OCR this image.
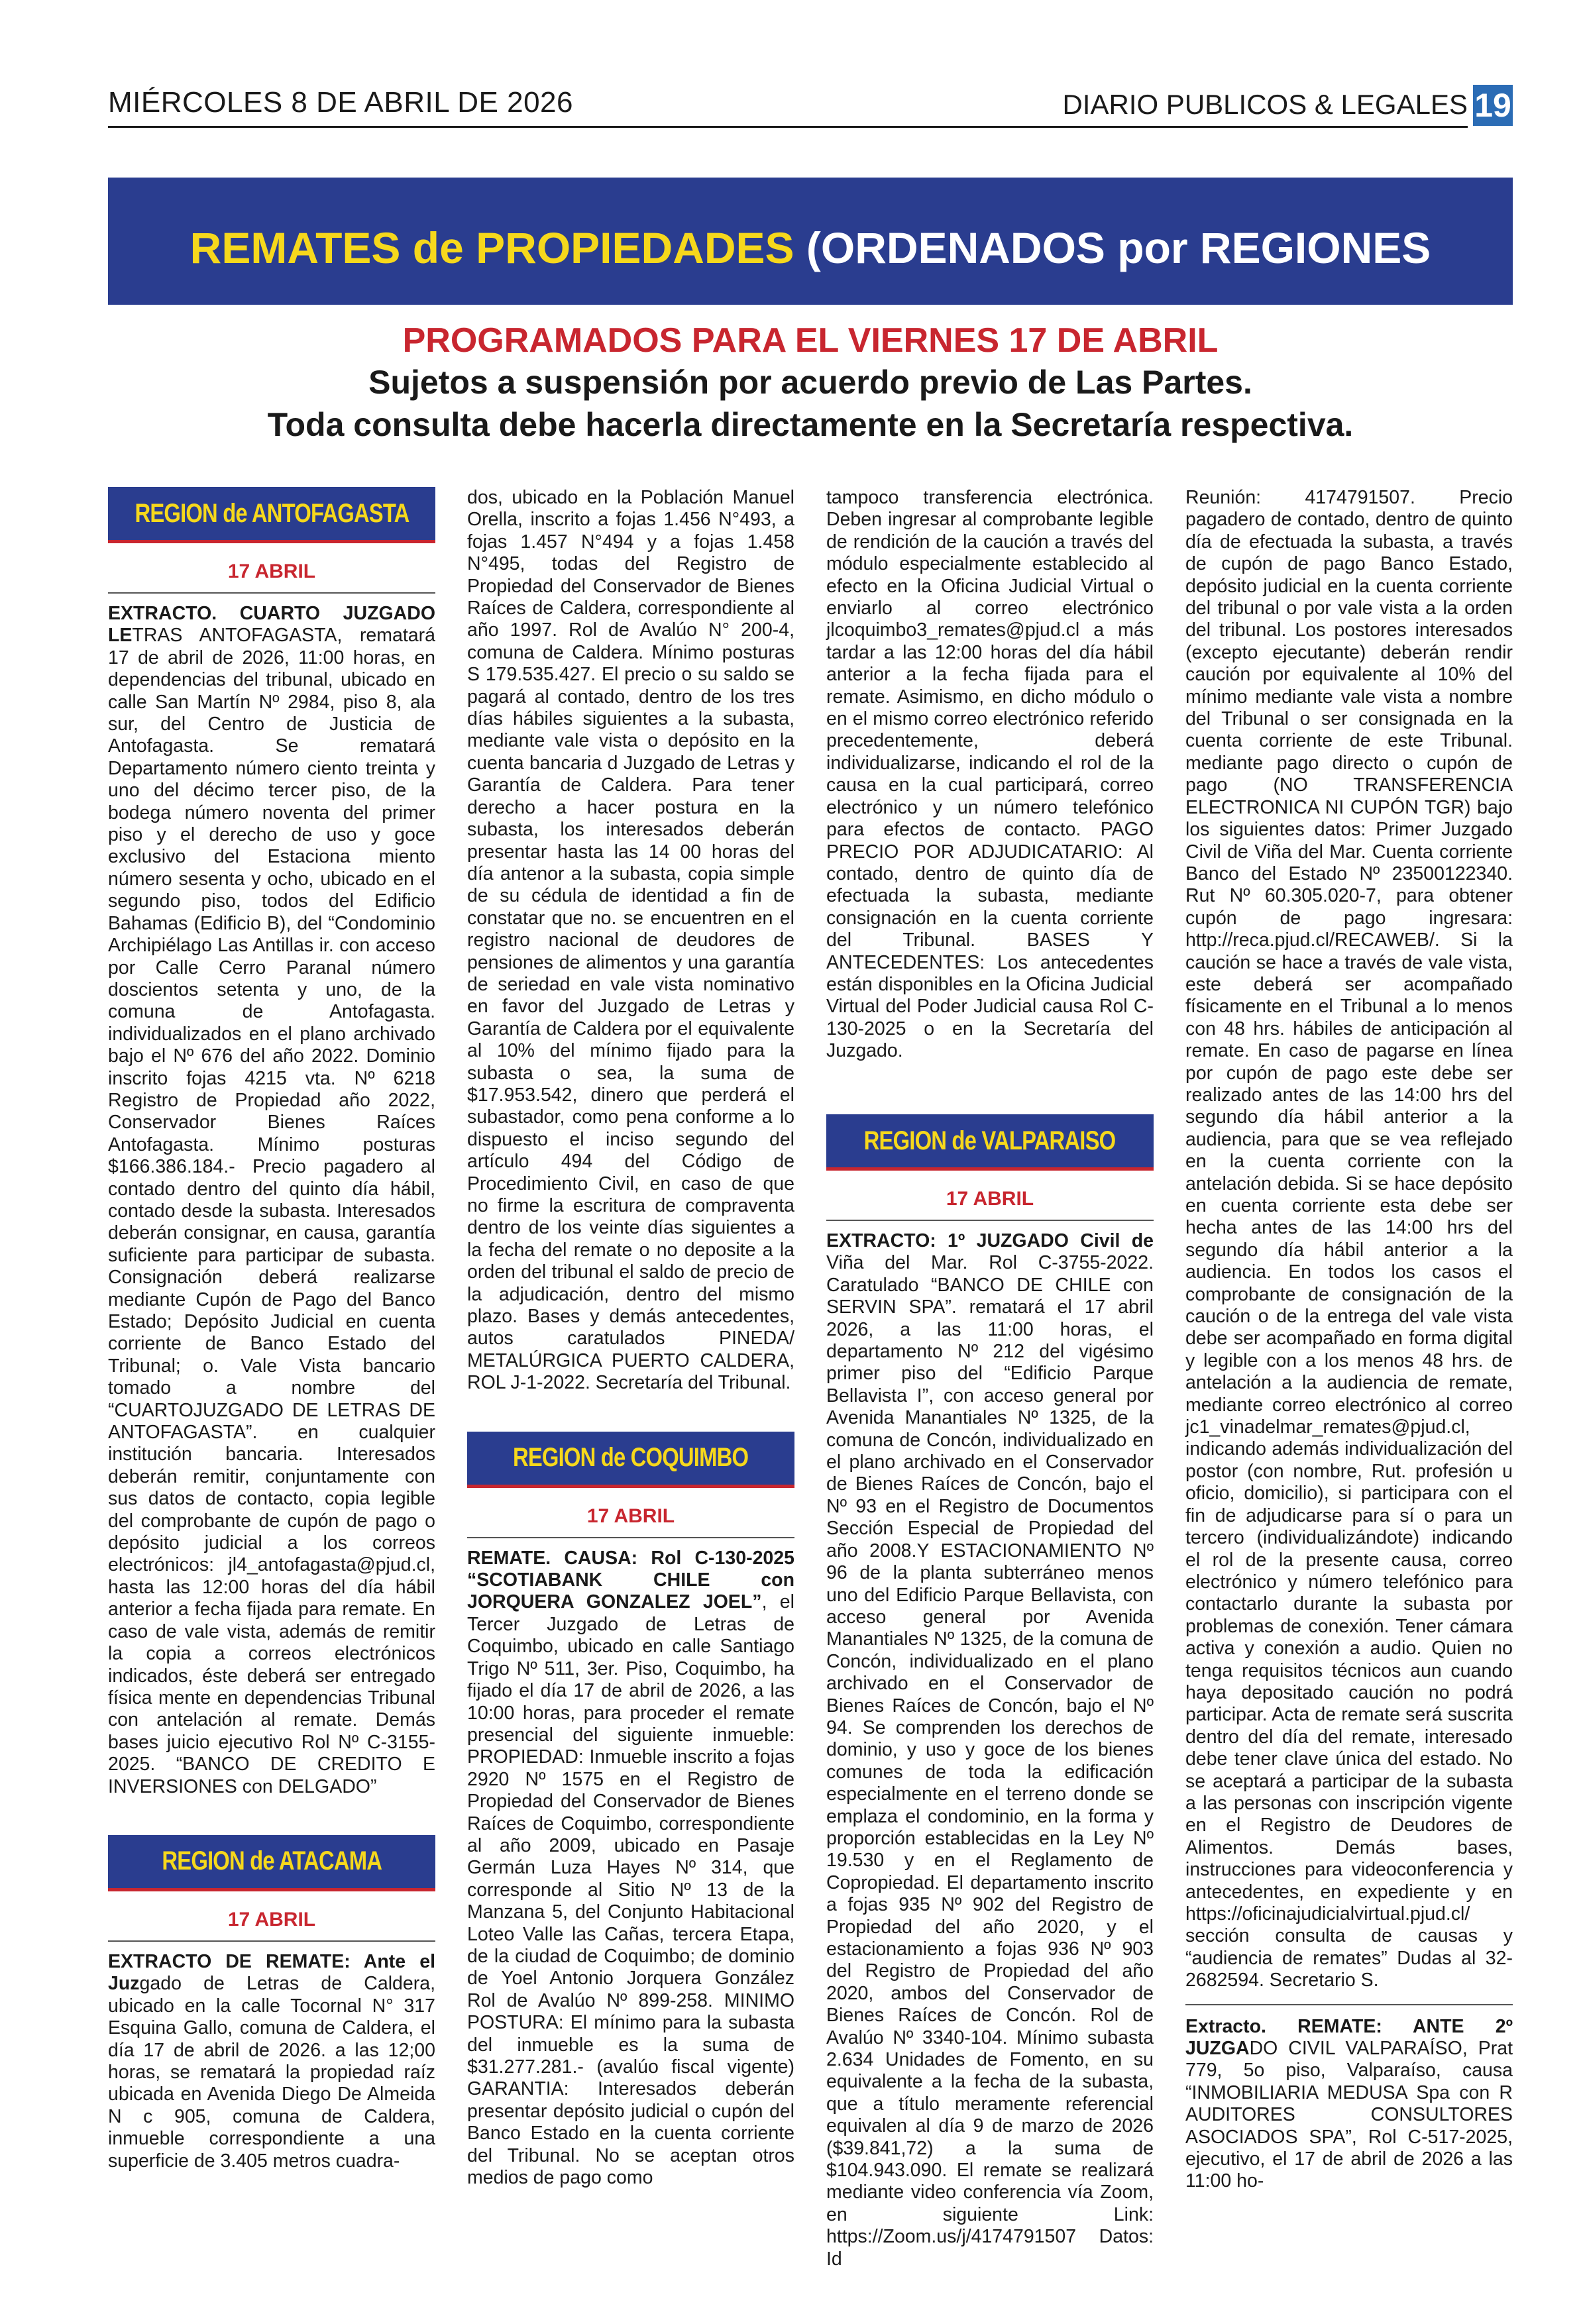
MIÉRCOLES 8 DE ABRIL DE 2026	DIARIO PUBLICOS & LEGALES 19
REMATES de PROPIEDADES (ORDENADOS por REGIONES
PROGRAMADOS PARA EL VIERNES 17 DE ABRIL
Sujetos a suspensión por acuerdo previo de Las Partes.
Toda consulta debe hacerla directamente en la Secretaría respectiva.
REGION de ANTOFAGASTA
17 ABRIL

EXTRACTO. CUARTO JUZGADO LETRAS ANTOFAGASTA, rematará 17 de abril de 2026, 11:00 horas, en dependencias del tribunal, ubicado en calle San Martín Nº 2984, piso 8, ala sur, del Centro de Justicia de Antofagasta. Se rematará Departamento número ciento treinta y uno del décimo tercer piso, de la bodega número noventa del primer piso y el derecho de uso y goce exclusivo del Estaciona miento número sesenta y ocho, ubicado en el segundo piso, todos del Edificio Bahamas (Edificio B), del “Condominio Archipiélago Las Antillas ir. con acceso por Calle Cerro Paranal número doscientos setenta y uno, de la comuna de Antofagasta. individualizados en el plano archivado bajo el Nº 676 del año 2022. Dominio inscrito fojas 4215 vta. Nº 6218 Registro de Propiedad año 2022, Conservador Bienes Raíces Antofagasta. Mínimo posturas $166.386.184.- Precio pagadero al contado dentro del quinto día hábil, contado desde la subasta. Interesados deberán consignar, en causa, garantía suficiente para participar de subasta. Consignación deberá realizarse mediante Cupón de Pago del Banco Estado; Depósito Judicial en cuenta corriente de Banco Estado del Tribunal; o. Vale Vista bancario tomado a nombre del “CUARTOJUZGADO DE LETRAS DE ANTOFAGASTA”. en cualquier institución bancaria. Interesados deberán remitir, conjuntamente con sus datos de contacto, copia legible del comprobante de cupón de pago o depósito judicial a los correos electrónicos: jl4_antofagasta@pjud.cl, hasta las 12:00 horas del día hábil anterior a fecha fijada para remate. En caso de vale vista, además de remitir la copia a correos electrónicos indicados, éste deberá ser entregado física mente en dependencias Tribunal con antelación al remate. Demás bases juicio ejecutivo Rol Nº C-3155-2025. “BANCO DE CREDITO E INVERSIONES con DELGADO”

REGION de ATACAMA
17 ABRIL

EXTRACTO DE REMATE: Ante el Juzgado de Letras de Caldera, ubicado en la calle Tocornal N° 317 Esquina Gallo, comuna de Caldera, el día 17 de abril de 2026. a las 12;00 horas, se rematará la propiedad raíz ubicada en Avenida Diego De Almeida N c 905, comuna de Caldera, inmueble correspondiente a una superficie de 3.405 metros cuadra-

dos, ubicado en la Población Manuel Orella, inscrito a fojas 1.456 N°493, a fojas 1.457 N°494 y a fojas 1.458 N°495, todas del Registro de Propiedad del Conservador de Bienes Raíces de Caldera, correspondiente al año 1997. Rol de Avalúo N° 200-4, comuna de Caldera. Mínimo posturas S 179.535.427. El precio o su saldo se pagará al contado, dentro de los tres días hábiles siguientes a la subasta, mediante vale vista o depósito en la cuenta bancaria d Juzgado de Letras y Garantía de Caldera. Para tener derecho a hacer postura en la subasta, los interesados deberán presentar hasta las 14 00 horas del día antenor a la subasta, copia simple de su cédula de identidad a fin de constatar que no. se encuentren en el registro nacional de deudores de pensiones de alimentos y una garantía de seriedad en vale vista nominativo en favor del Juzgado de Letras y Garantía de Caldera por el equivalente al 10% del mínimo fijado para la subasta o sea, la suma de $17.953.542, dinero que perderá el subastador, como pena conforme a lo dispuesto el inciso segundo del artículo 494 del Código de Procedimiento Civil, en caso de que no firme la escritura de compraventa dentro de los veinte días siguientes a la fecha del remate o no deposite a la orden del tribunal el saldo de precio de la adjudicación, dentro del mismo plazo. Bases y demás antecedentes, autos caratulados PINEDA/ METALÚRGICA PUERTO CALDERA, ROL J-1-2022. Secretaría del Tribunal.

REGION de COQUIMBO
17 ABRIL

REMATE. CAUSA: Rol C-130-2025 “SCOTIABANK CHILE con JORQUERA GONZALEZ JOEL”, el Tercer Juzgado de Letras de Coquimbo, ubicado en calle Santiago Trigo Nº 511, 3er. Piso, Coquimbo, ha fijado el día 17 de abril de 2026, a las 10:00 horas, para proceder el remate presencial del siguiente inmueble: PROPIEDAD: Inmueble inscrito a fojas 2920 Nº 1575 en el Registro de Propiedad del Conservador de Bienes Raíces de Coquimbo, correspondiente al año 2009, ubicado en Pasaje Germán Luza Hayes Nº 314, que corresponde al Sitio Nº 13 de la Manzana 5, del Conjunto Habitacional Loteo Valle las Cañas, tercera Etapa, de la ciudad de Coquimbo; de dominio de Yoel Antonio Jorquera González Rol de Avalúo Nº 899-258. MINIMO POSTURA: El mínimo para la subasta del inmueble es la suma de $31.277.281.- (avalúo fiscal vigente) GARANTIA: Interesados deberán presentar depósito judicial o cupón del Banco Estado en la cuenta corriente del Tribunal. No se aceptan otros medios de pago como

tampoco transferencia electrónica. Deben ingresar al comprobante legible de rendición de la caución a través del módulo especialmente establecido al efecto en la Oficina Judicial Virtual o enviarlo al correo electrónico jlcoquimbo3_remates@pjud.cl a más tardar a las 12:00 horas del día hábil anterior a la fecha fijada para el remate. Asimismo, en dicho módulo o en el mismo correo electrónico referido precedentemente, deberá individualizarse, indicando el rol de la causa en la cual participará, correo electrónico y un número telefónico para efectos de contacto. PAGO PRECIO POR ADJUDICATARIO: Al contado, dentro de quinto día de efectuada la subasta, mediante consignación en la cuenta corriente del Tribunal. BASES Y ANTECEDENTES: Los antecedentes están disponibles en la Oficina Judicial Virtual del Poder Judicial causa Rol C-130-2025 o en la Secretaría del Juzgado.

REGION de VALPARAISO
17 ABRIL

EXTRACTO: 1º JUZGADO Civil de Viña del Mar. Rol C-3755-2022. Caratulado “BANCO DE CHILE con SERVIN SPA”. rematará el 17 abril 2026, a las 11:00 horas, el departamento Nº 212 del vigésimo primer piso del “Edificio Parque Bellavista I”, con acceso general por Avenida Manantiales Nº 1325, de la comuna de Concón, individualizado en el plano archivado en el Conservador de Bienes Raíces de Concón, bajo el Nº 93 en el Registro de Documentos Sección Especial de Propiedad del año 2008.Y ESTACIONAMIENTO Nº 96 de la planta subterráneo menos uno del Edificio Parque Bellavista, con acceso general por Avenida Manantiales Nº 1325, de la comuna de Concón, individualizado en el plano archivado en el Conservador de Bienes Raíces de Concón, bajo el Nº 94. Se comprenden los derechos de dominio, y uso y goce de los bienes comunes de toda la edificación especialmente en el terreno donde se emplaza el condominio, en la forma y proporción establecidas en la Ley Nº 19.530 y en el Reglamento de Copropiedad. El departamento inscrito a fojas 935 Nº 902 del Registro de Propiedad del año 2020, y el estacionamiento a fojas 936 Nº 903 del Registro de Propiedad del año 2020, ambos del Conservador de Bienes Raíces de Concón. Rol de Avalúo Nº 3340-104. Mínimo subasta 2.634 Unidades de Fomento, en su equivalente a la fecha de la subasta, que a título meramente referencial equivalen al día 9 de marzo de 2026 ($39.841,72) a la suma de $104.943.090. El remate se realizará mediante video conferencia vía Zoom, en siguiente Link: https://Zoom.us/j/4174791507 Datos: Id

Reunión: 4174791507. Precio pagadero de contado, dentro de quinto día de efectuada la subasta, a través de cupón de pago Banco Estado, depósito judicial en la cuenta corriente del tribunal o por vale vista a la orden del tribunal. Los postores interesados (excepto ejecutante) deberán rendir caución por equivalente al 10% del mínimo mediante vale vista a nombre del Tribunal o ser consignada en la cuenta corriente de este Tribunal. mediante pago directo o cupón de pago (NO TRANSFERENCIA ELECTRONICA NI CUPÓN TGR) bajo los siguientes datos: Primer Juzgado Civil de Viña del Mar. Cuenta corriente Banco del Estado Nº 23500122340. Rut Nº 60.305.020-7, para obtener cupón de pago ingresara: http://reca.pjud.cl/RECAWEB/. Si la caución se hace a través de vale vista, este deberá ser acompañado físicamente en el Tribunal a lo menos con 48 hrs. hábiles de anticipación al remate. En caso de pagarse en línea por cupón de pago este debe ser realizado antes de las 14:00 hrs del segundo día hábil anterior a la audiencia, para que se vea reflejado en la cuenta corriente con la antelación debida. Si se hace depósito en cuenta corriente esta debe ser hecha antes de las 14:00 hrs del segundo día hábil anterior a la audiencia. En todos los casos el comprobante de consignación de la caución o de la entrega del vale vista debe ser acompañado en forma digital y legible con a los menos 48 hrs. de antelación a la audiencia de remate, mediante correo electrónico al correo jc1_vinadelmar_remates@pjud.cl, indicando además individualización del postor (con nombre, Rut. profesión u oficio, domicilio), si participara con el fin de adjudicarse para sí o para un tercero (individualizándote) indicando el rol de la presente causa, correo electrónico y número telefónico para contactarlo durante la subasta por problemas de conexión. Tener cámara activa y conexión a audio. Quien no tenga requisitos técnicos aun cuando haya depositado caución no podrá participar. Acta de remate será suscrita dentro del día del remate, interesado debe tener clave única del estado. No se aceptará a participar de la subasta a las personas con inscripción vigente en el Registro de Deudores de Alimentos. Demás bases, instrucciones para videoconferencia y antecedentes, en expediente y en https://oficinajudicialvirtual.pjud.cl/ sección consulta de causas y “audiencia de remates” Dudas al 32-2682594. Secretario S.

Extracto. REMATE: ANTE 2º JUZGADO CIVIL VALPARAÍSO, Prat 779, 5o piso, Valparaíso, causa “INMOBILIARIA MEDUSA Spa con R AUDITORES CONSULTORES ASOCIADOS SPA”, Rol C-517-2025, ejecutivo, el 17 de abril de 2026 a las 11:00 ho-
